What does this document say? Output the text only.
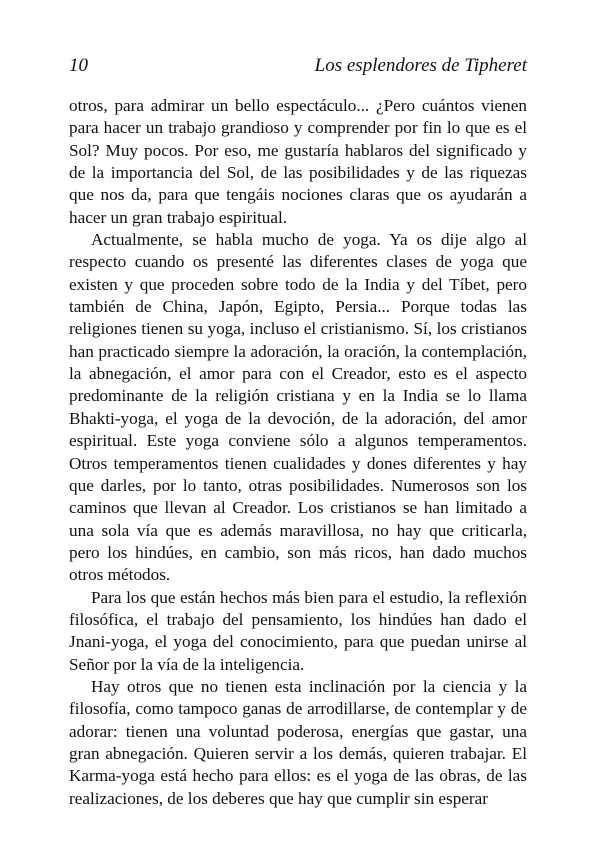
10	Los esplendores de Tipheret

otros, para admirar un bello espectáculo... ¿Pero cuántos vienen para hacer un trabajo grandioso y comprender por fin lo que es el Sol? Muy pocos. Por eso, me gustaría hablaros del significado y de la importancia del Sol, de las posibilidades y de las riquezas que nos da, para que tengáis nociones claras que os ayudarán a hacer un gran trabajo espiritual.

Actualmente, se habla mucho de yoga. Ya os dije algo al respecto cuando os presenté las diferentes clases de yoga que existen y que proceden sobre todo de la India y del Tíbet, pero también de China, Japón, Egipto, Persia... Porque todas las religiones tienen su yoga, incluso el cristianismo. Sí, los cristianos han practicado siempre la adoración, la oración, la contemplación, la abnegación, el amor para con el Creador, esto es el aspecto predominante de la religión cristiana y en la India se lo llama Bhakti-yoga, el yoga de la devoción, de la adoración, del amor espiritual. Este yoga conviene sólo a algunos temperamentos. Otros temperamentos tienen cualidades y dones diferentes y hay que darles, por lo tanto, otras posibilidades. Numerosos son los caminos que llevan al Creador. Los cristianos se han limitado a una sola vía que es además maravillosa, no hay que criticarla, pero los hindúes, en cambio, son más ricos, han dado muchos otros métodos.

Para los que están hechos más bien para el estudio, la reflexión filosófica, el trabajo del pensamiento, los hindúes han dado el Jnani-yoga, el yoga del conocimiento, para que puedan unirse al Señor por la vía de la inteligencia.

Hay otros que no tienen esta inclinación por la ciencia y la filosofía, como tampoco ganas de arrodillarse, de contemplar y de adorar: tienen una voluntad poderosa, energías que gastar, una gran abnegación. Quieren servir a los demás, quieren trabajar. El Karma-yoga está hecho para ellos: es el yoga de las obras, de las realizaciones, de los deberes que hay que cumplir sin esperar
